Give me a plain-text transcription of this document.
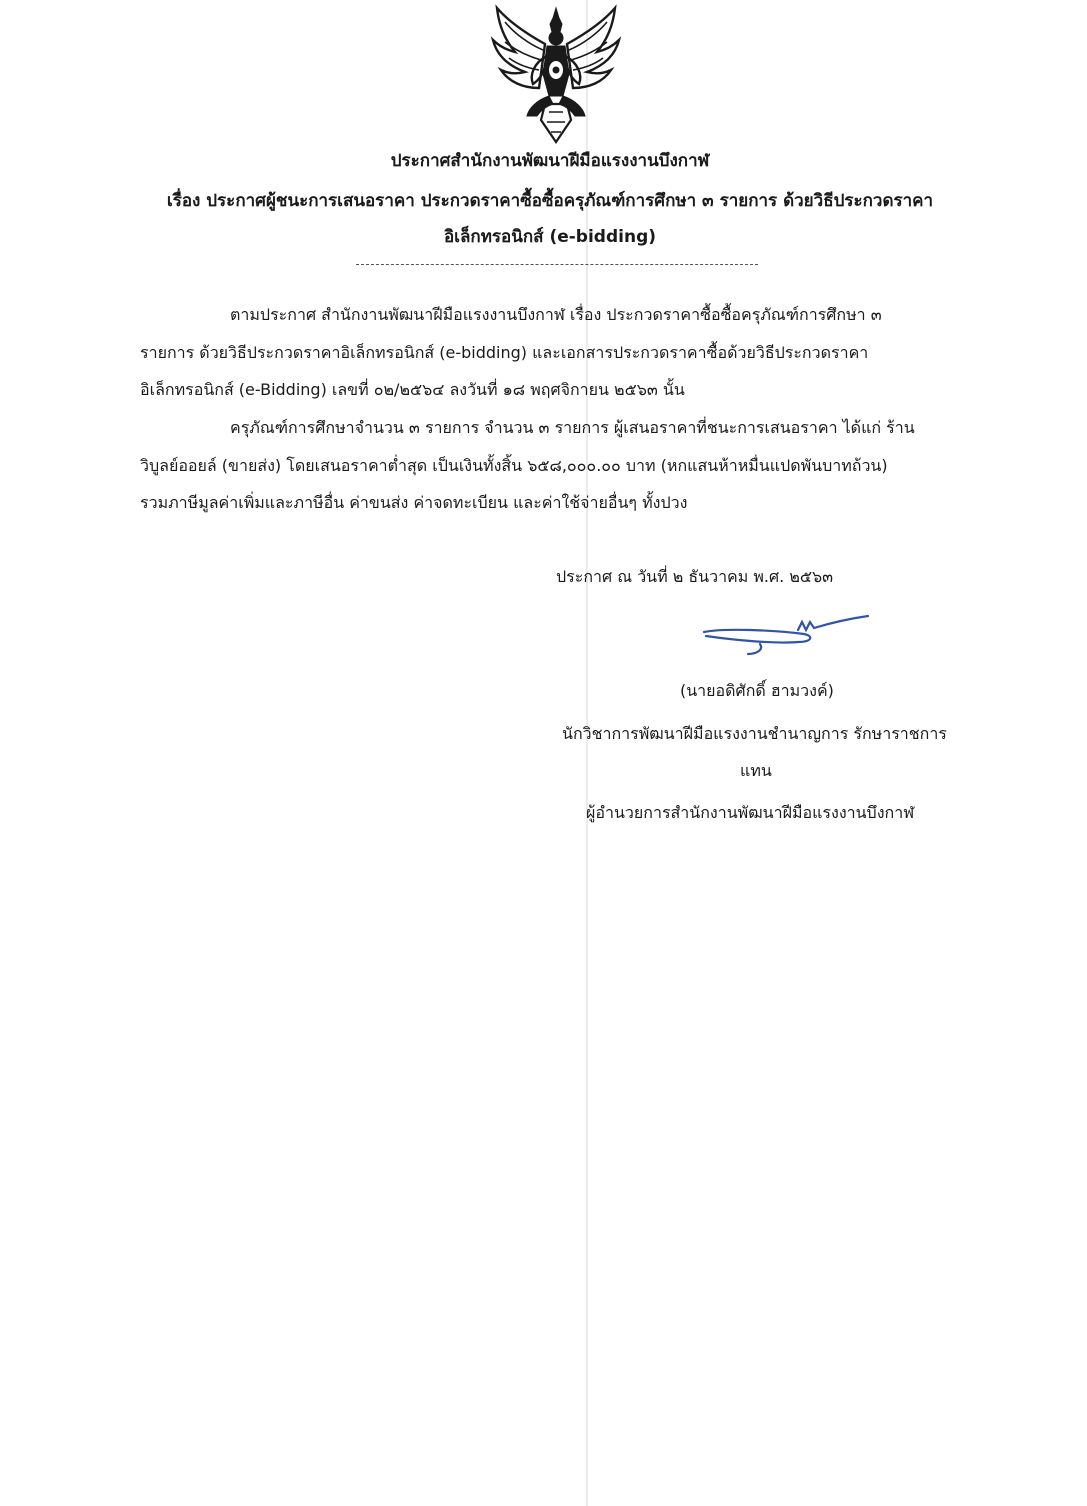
ประกาศสำนักงานพัฒนาฝีมือแรงงานบึงกาฬ
เรื่อง ประกาศผู้ชนะการเสนอราคา ประกวดราคาซื้อซื้อครุภัณฑ์การศึกษา ๓ รายการ ด้วยวิธีประกวดราคา
อิเล็กทรอนิกส์ (e-bidding)
ตามประกาศ สำนักงานพัฒนาฝีมือแรงงานบึงกาฬ เรื่อง ประกวดราคาซื้อซื้อครุภัณฑ์การศึกษา ๓
รายการ ด้วยวิธีประกวดราคาอิเล็กทรอนิกส์ (e-bidding) และเอกสารประกวดราคาซื้อด้วยวิธีประกวดราคา
อิเล็กทรอนิกส์ (e-Bidding) เลขที่ ๐๒/๒๕๖๔ ลงวันที่ ๑๘ พฤศจิกายน ๒๕๖๓ นั้น
ครุภัณฑ์การศึกษาจำนวน ๓ รายการ จำนวน ๓ รายการ ผู้เสนอราคาที่ชนะการเสนอราคา ได้แก่ ร้าน
วิบูลย์ออยล์ (ขายส่ง) โดยเสนอราคาต่ำสุด เป็นเงินทั้งสิ้น ๖๕๘,๐๐๐.๐๐ บาท (หกแสนห้าหมื่นแปดพันบาทถ้วน)
รวมภาษีมูลค่าเพิ่มและภาษีอื่น ค่าขนส่ง ค่าจดทะเบียน และค่าใช้จ่ายอื่นๆ ทั้งปวง
ประกาศ ณ วันที่ ๒ ธันวาคม พ.ศ. ๒๕๖๓
(นายอดิศักดิ์ ฮามวงค์)
นักวิชาการพัฒนาฝีมือแรงงานชำนาญการ รักษาราชการ
แทน
ผู้อำนวยการสำนักงานพัฒนาฝีมือแรงงานบึงกาฬ
